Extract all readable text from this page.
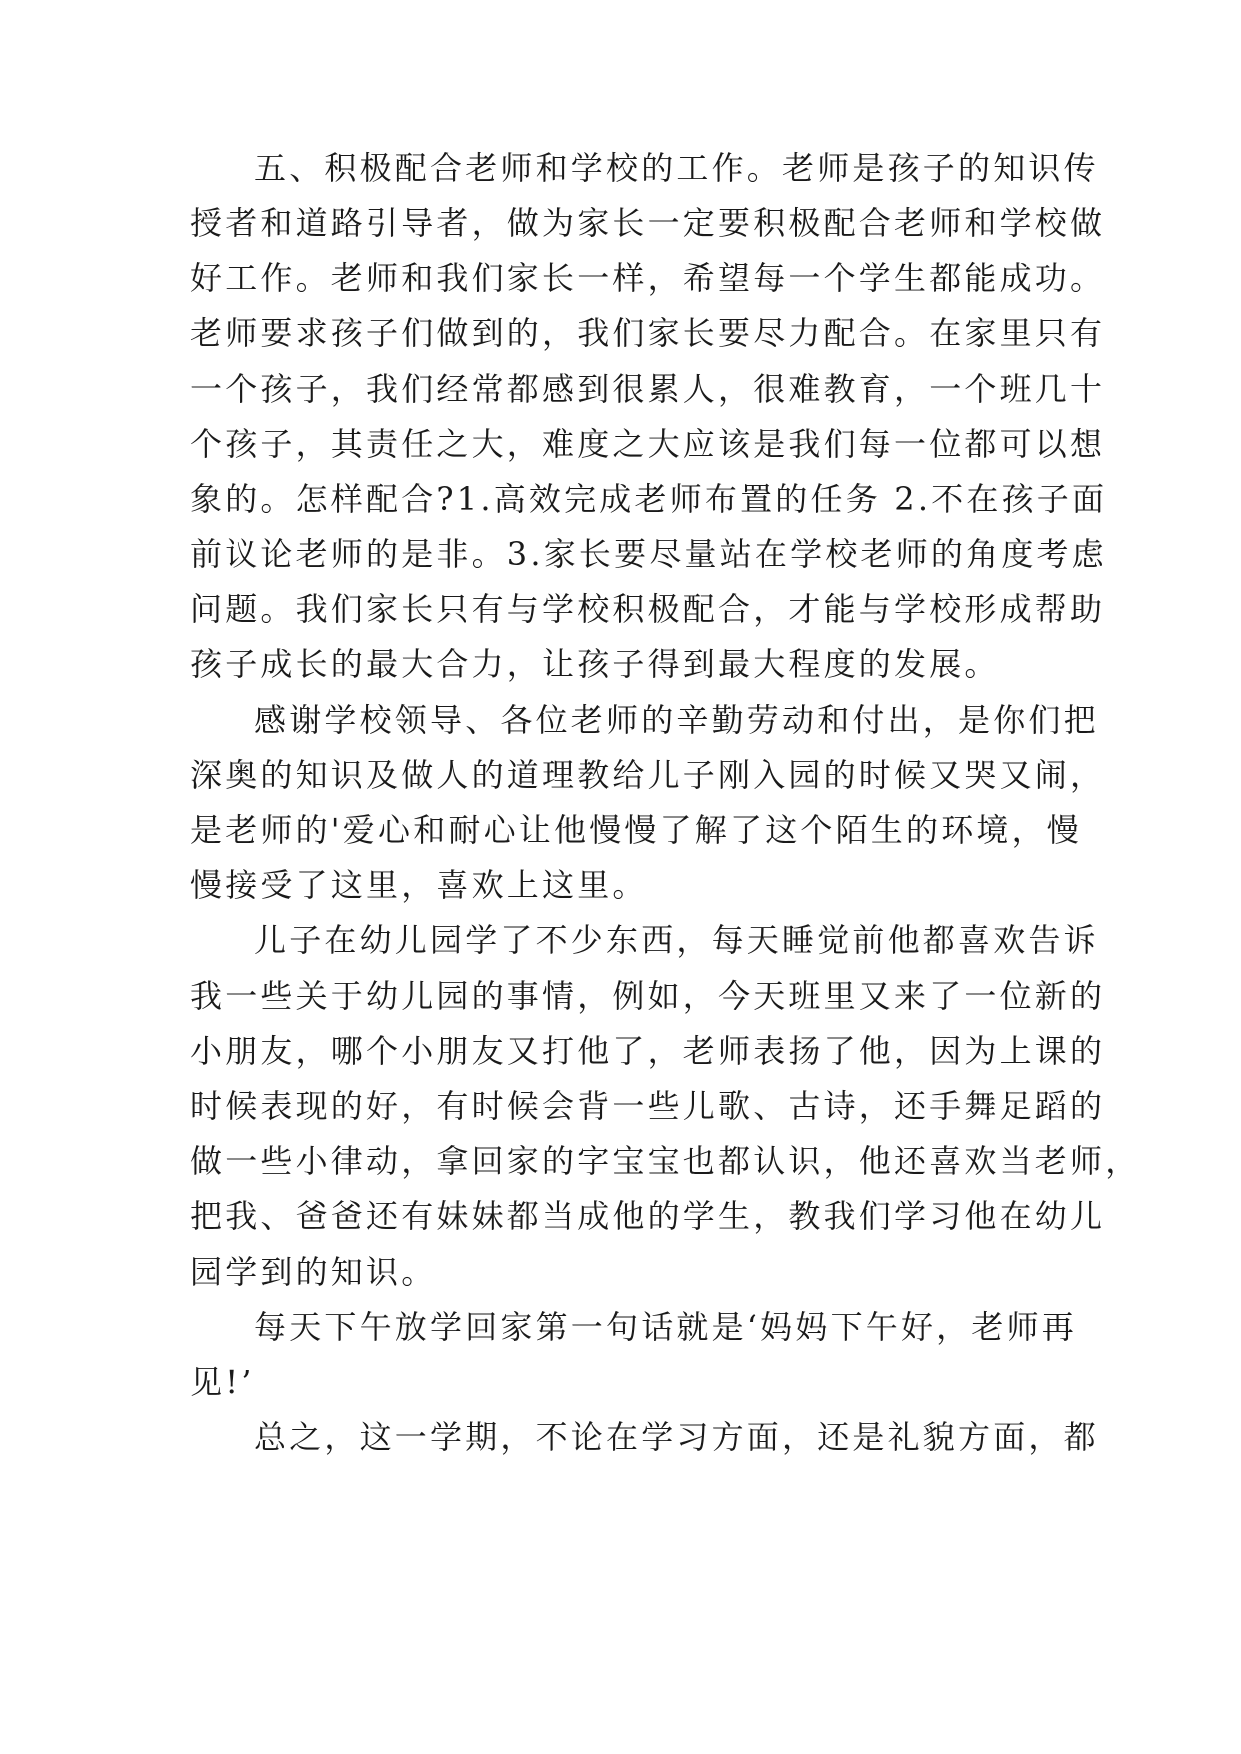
五、积极配合老师和学校的工作。老师是孩子的知识传
授者和道路引导者，做为家长一定要积极配合老师和学校做
好工作。老师和我们家长一样，希望每一个学生都能成功。
老师要求孩子们做到的，我们家长要尽力配合。在家里只有
一个孩子，我们经常都感到很累人，很难教育，一个班几十
个孩子，其责任之大，难度之大应该是我们每一位都可以想
象的。怎样配合?1.高效完成老师布置的任务 2.不在孩子面
前议论老师的是非。3.家长要尽量站在学校老师的角度考虑
问题。我们家长只有与学校积极配合，才能与学校形成帮助
孩子成长的最大合力，让孩子得到最大程度的发展。
感谢学校领导、各位老师的辛勤劳动和付出，是你们把
深奥的知识及做人的道理教给儿子刚入园的时候又哭又闹，
是老师的'爱心和耐心让他慢慢了解了这个陌生的环境，慢
慢接受了这里，喜欢上这里。
儿子在幼儿园学了不少东西，每天睡觉前他都喜欢告诉
我一些关于幼儿园的事情，例如，今天班里又来了一位新的
小朋友，哪个小朋友又打他了，老师表扬了他，因为上课的
时候表现的好，有时候会背一些儿歌、古诗，还手舞足蹈的
做一些小律动，拿回家的字宝宝也都认识，他还喜欢当老师，
把我、爸爸还有妹妹都当成他的学生，教我们学习他在幼儿
园学到的知识。
每天下午放学回家第一句话就是‘妈妈下午好，老师再
见!’
总之，这一学期，不论在学习方面，还是礼貌方面，都
